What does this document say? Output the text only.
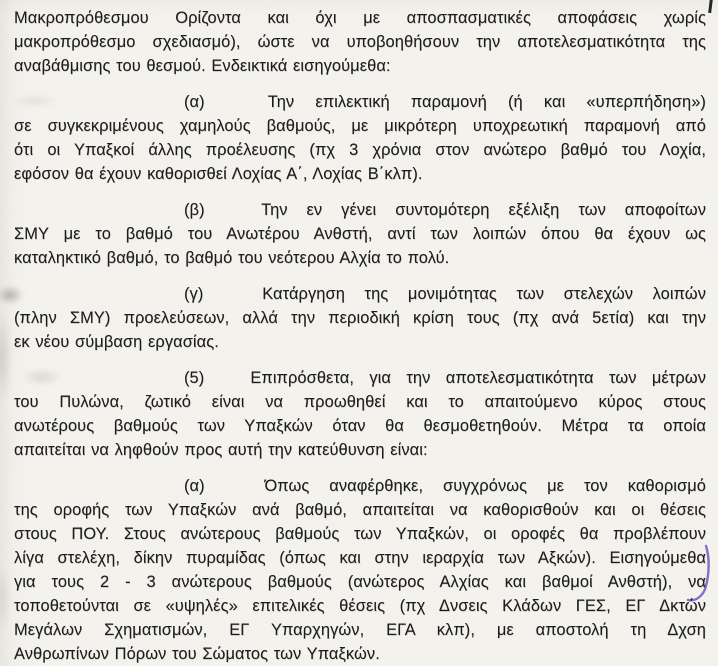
Μακροπρόθεσμου Ορίζοντα και όχι με αποσπασματικές αποφάσεις χωρίς
μακροπρόθεσμο σχεδιασμό), ώστε να υποβοηθήσουν την αποτελεσματικότητα της
αναβάθμισης του θεσμού. Ενδεικτικά εισηγούμεθα:
(α)   Την επιλεκτική παραμονή (ή και «υπερπήδηση»)
σε συγκεκριμένους χαμηλούς βαθμούς, με μικρότερη υποχρεωτική παραμονή από
ότι οι Υπαξκοί άλλης προέλευσης (πχ 3 χρόνια στον ανώτερο βαθμό του Λοχία,
εφόσον θα έχουν καθορισθεί Λοχίας Α΄, Λοχίας Β΄κλπ).
(β)   Την εν γένει συντομότερη εξέλιξη των αποφοίτων
ΣΜΥ με το βαθμό του Ανωτέρου Ανθστή, αντί των λοιπών όπου θα έχουν ως
καταληκτικό βαθμό, το βαθμό του νεότερου Αλχία το πολύ.
(γ)   Κατάργηση της μονιμότητας των στελεχών λοιπών
(πλην ΣΜΥ) προελεύσεων, αλλά την περιοδική κρίση τους (πχ ανά 5ετία) και την
εκ νέου σύμβαση εργασίας.
(5)   Επιπρόσθετα, για την αποτελεσματικότητα των μέτρων
του Πυλώνα, ζωτικό είναι να προωθηθεί και το απαιτούμενο κύρος στους
ανωτέρους βαθμούς των Υπαξκών όταν θα θεσμοθετηθούν. Μέτρα τα οποία
απαιτείται να ληφθούν προς αυτή την κατεύθυνση είναι:
(α)   Όπως αναφέρθηκε, συγχρόνως με τον καθορισμό
της οροφής των Υπαξκών ανά βαθμό, απαιτείται να καθορισθούν και οι θέσεις
στους ΠΟΥ. Στους ανώτερους βαθμούς των Υπαξκών, οι οροφές θα προβλέπουν
λίγα στελέχη, δίκην πυραμίδας (όπως και στην ιεραρχία των Αξκών). Εισηγούμεθα
για τους 2 - 3 ανώτερους βαθμούς (ανώτερος Αλχίας και βαθμοί Ανθστή), να
τοποθετούνται σε «υψηλές» επιτελικές θέσεις (πχ Δνσεις Κλάδων ΓΕΣ, ΕΓ Δκτών
Μεγάλων Σχηματισμών, ΕΓ Υπαρχηγών, ΕΓΑ κλπ), με αποστολή τη Δχση
Ανθρωπίνων Πόρων του Σώματος των Υπαξκών.
